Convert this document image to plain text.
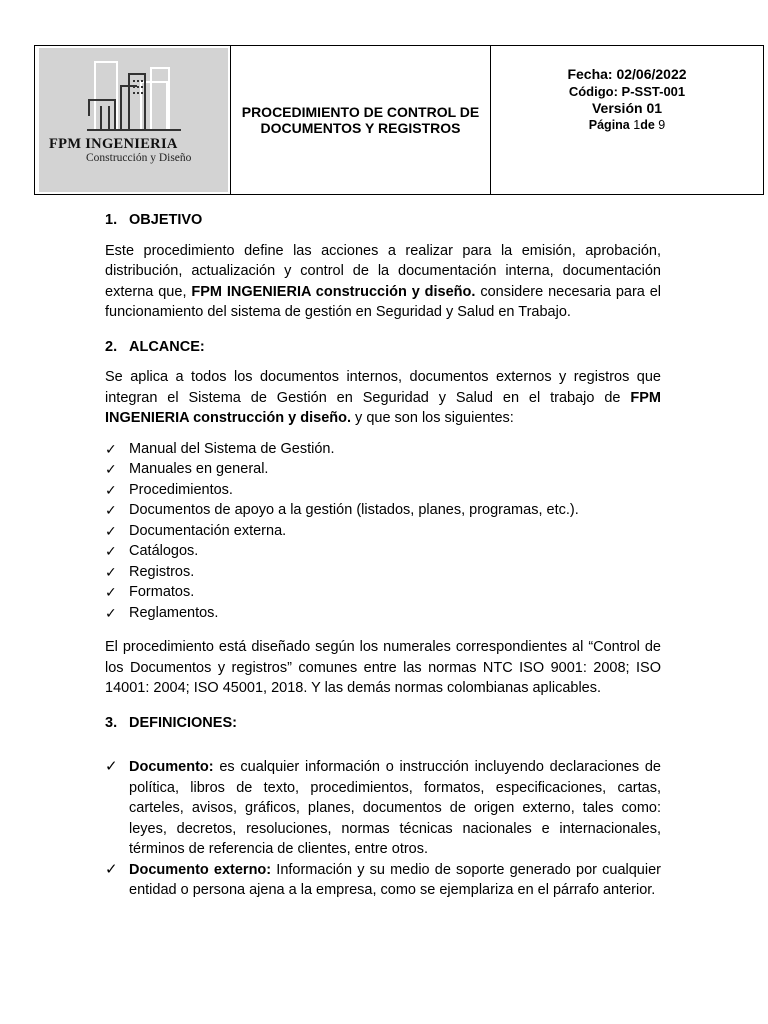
FPM INGENIERIA
Construcción y Diseño
PROCEDIMIENTO DE CONTROL DE DOCUMENTOS Y REGISTROS
Fecha: 02/06/2022
Código: P-SST-001
Versión 01
Página 1de 9
1. OBJETIVO

Este procedimiento define las acciones a realizar para la emisión, aprobación, distribución, actualización y control de la documentación interna, documentación externa que, FPM INGENIERIA construcción y diseño. considere necesaria para el funcionamiento del sistema de gestión en Seguridad y Salud en Trabajo.

2. ALCANCE:

Se aplica a todos los documentos internos, documentos externos y registros que integran el Sistema de Gestión en Seguridad y Salud en el trabajo de FPM INGENIERIA construcción y diseño. y que son los siguientes:

✓ Manual del Sistema de Gestión.
✓ Manuales en general.
✓ Procedimientos.
✓ Documentos de apoyo a la gestión (listados, planes, programas, etc.).
✓ Documentación externa.
✓ Catálogos.
✓ Registros.
✓ Formatos.
✓ Reglamentos.

El procedimiento está diseñado según los numerales correspondientes al “Control de los Documentos y registros” comunes entre las normas NTC ISO 9001: 2008; ISO 14001: 2004; ISO 45001, 2018. Y las demás normas colombianas aplicables.

3. DEFINICIONES:
✓ Documento: es cualquier información o instrucción incluyendo declaraciones de política, libros de texto, procedimientos, formatos, especificaciones, cartas, carteles, avisos, gráficos, planes, documentos de origen externo, tales como: leyes, decretos, resoluciones, normas técnicas nacionales e internacionales, términos de referencia de clientes, entre otros.
✓ Documento externo: Información y su medio de soporte generado por cualquier entidad o persona ajena a la empresa, como se ejemplariza en el párrafo anterior.
